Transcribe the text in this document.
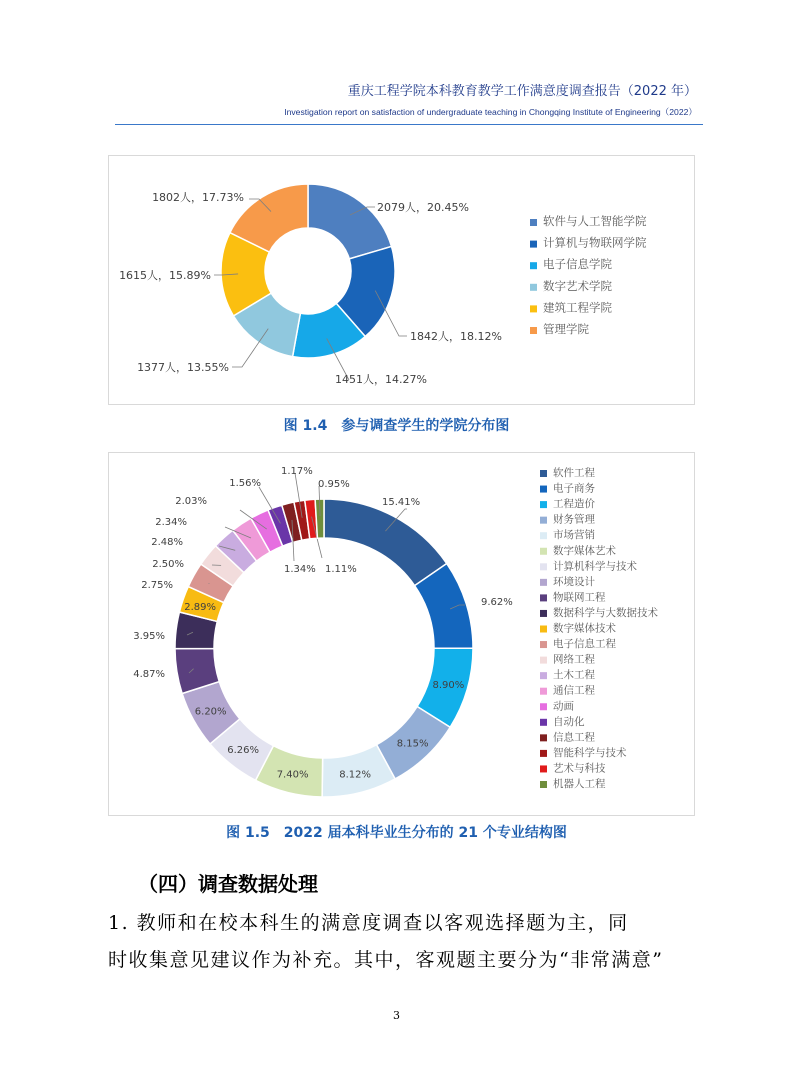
重庆工程学院本科教育教学工作满意度调查报告（2022 年）
Investigation report on satisfaction of undergraduate teaching in Chongqing Institute of Engineering（2022）
2079人，20.45%
1842人，18.12%
1451人，14.27%
1377人，13.55%
1615人，15.89%
1802人，17.73%
软件与人工智能学院
计算机与物联网学院
电子信息学院
数字艺术学院
建筑工程学院
管理学院
图 1.4　参与调查学生的学院分布图
15.41%
9.62%
8.90%
8.15%
8.12%
7.40%
6.26%
6.20%
4.87%
3.95%
2.89%
2.75%
2.50%
2.48%
2.34%
2.03%
1.56%
1.34%
1.17%
1.11%
0.95%
软件工程
电子商务
工程造价
财务管理
市场营销
数字媒体艺术
计算机科学与技术
环境设计
物联网工程
数据科学与大数据技术
数字媒体技术
电子信息工程
网络工程
土木工程
通信工程
动画
自动化
信息工程
智能科学与技术
艺术与科技
机器人工程
图 1.5　2022 届本科毕业生分布的 21 个专业结构图
（四）调查数据处理
1. 教师和在校本科生的满意度调查以客观选择题为主，同
时收集意见建议作为补充。其中，客观题主要分为“非常满意”
3
